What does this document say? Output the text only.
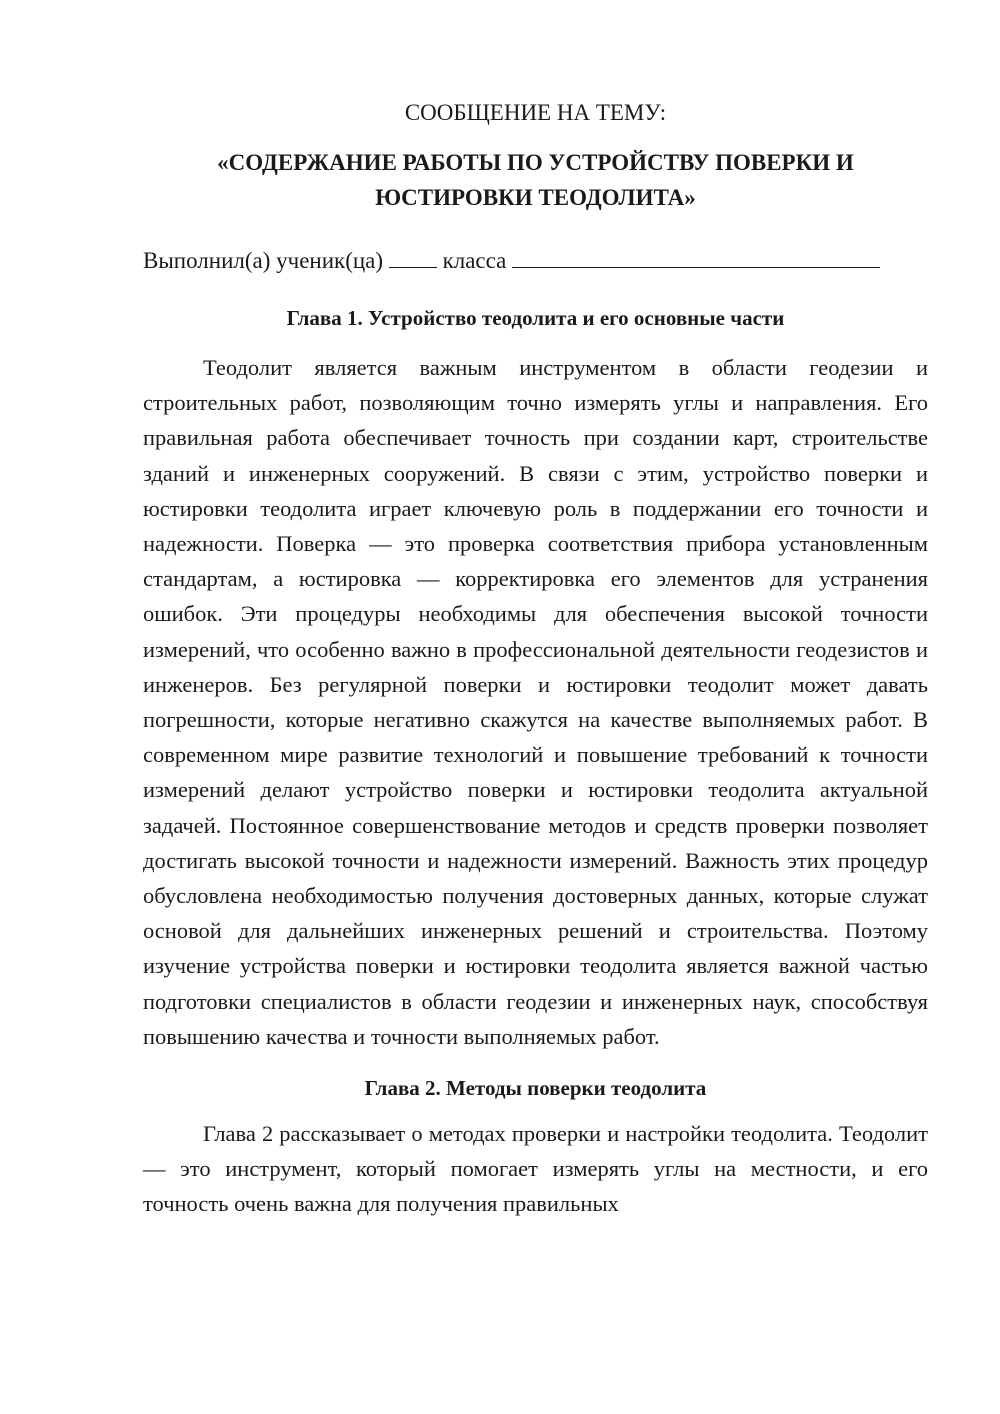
СООБЩЕНИЕ НА ТЕМУ:

«СОДЕРЖАНИЕ РАБОТЫ ПО УСТРОЙСТВУ ПОВЕРКИ И ЮСТИРОВКИ ТЕОДОЛИТА»

Выполнил(а) ученик(ца)	класса

Глава 1. Устройство теодолита и его основные части

Теодолит является важным инструментом в области геодезии и строительных работ, позволяющим точно измерять углы и направления. Его правильная работа обеспечивает точность при создании карт, строительстве зданий и инженерных сооружений. В связи с этим, устройство поверки и юстировки теодолита играет ключевую роль в поддержании его точности и надежности. Поверка — это проверка соответствия прибора установленным стандартам, а юстировка — корректировка его элементов для устранения ошибок. Эти процедуры необходимы для обеспечения высокой точности измерений, что особенно важно в профессиональной деятельности геодезистов и инженеров. Без регулярной поверки и юстировки теодолит может давать погрешности, которые негативно скажутся на качестве выполняемых работ. В современном мире развитие технологий и повышение требований к точности измерений делают устройство поверки и юстировки теодолита актуальной задачей. Постоянное совершенствование методов и средств проверки позволяет достигать высокой точности и надежности измерений. Важность этих процедур обусловлена необходимостью получения достоверных данных, которые служат основой для дальнейших инженерных решений и строительства. Поэтому изучение устройства поверки и юстировки теодолита является важной частью подготовки специалистов в области геодезии и инженерных наук, способствуя повышению качества и точности выполняемых работ.

Глава 2. Методы поверки теодолита

Глава 2 рассказывает о методах проверки и настройки теодолита. Теодолит — это инструмент, который помогает измерять углы на местности, и его точность очень важна для получения правильных
